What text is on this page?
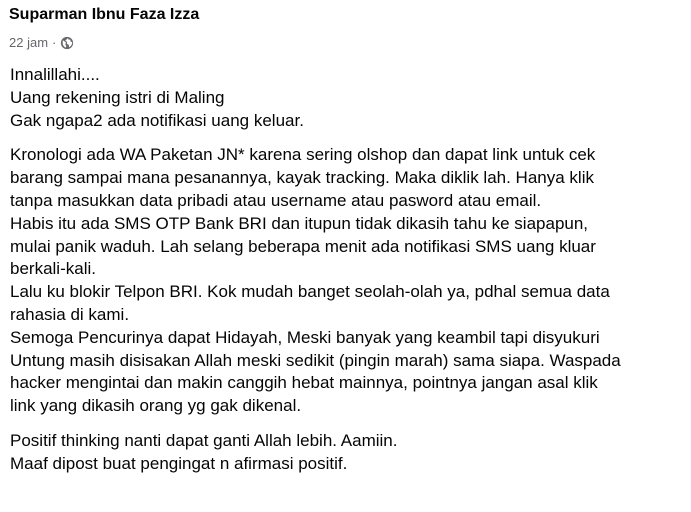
Suparman Ibnu Faza Izza
22 jam ·
Innalillahi....
Uang rekening istri di Maling
Gak ngapa2 ada notifikasi uang keluar.
Kronologi ada WA Paketan JN* karena sering olshop dan dapat link untuk cek
barang sampai mana pesanannya, kayak tracking. Maka diklik lah. Hanya klik
tanpa masukkan data pribadi atau username atau pasword atau email.
Habis itu ada SMS OTP Bank BRI dan itupun tidak dikasih tahu ke siapapun,
mulai panik waduh. Lah selang beberapa menit ada notifikasi SMS uang kluar
berkali-kali.
Lalu ku blokir Telpon BRI. Kok mudah banget seolah-olah ya, pdhal semua data
rahasia di kami.
Semoga Pencurinya dapat Hidayah, Meski banyak yang keambil tapi disyukuri
Untung masih disisakan Allah meski sedikit (pingin marah) sama siapa. Waspada
hacker mengintai dan makin canggih hebat mainnya, pointnya jangan asal klik
link yang dikasih orang yg gak dikenal.
Positif thinking nanti dapat ganti Allah lebih. Aamiin.
Maaf dipost buat pengingat n afirmasi positif.
